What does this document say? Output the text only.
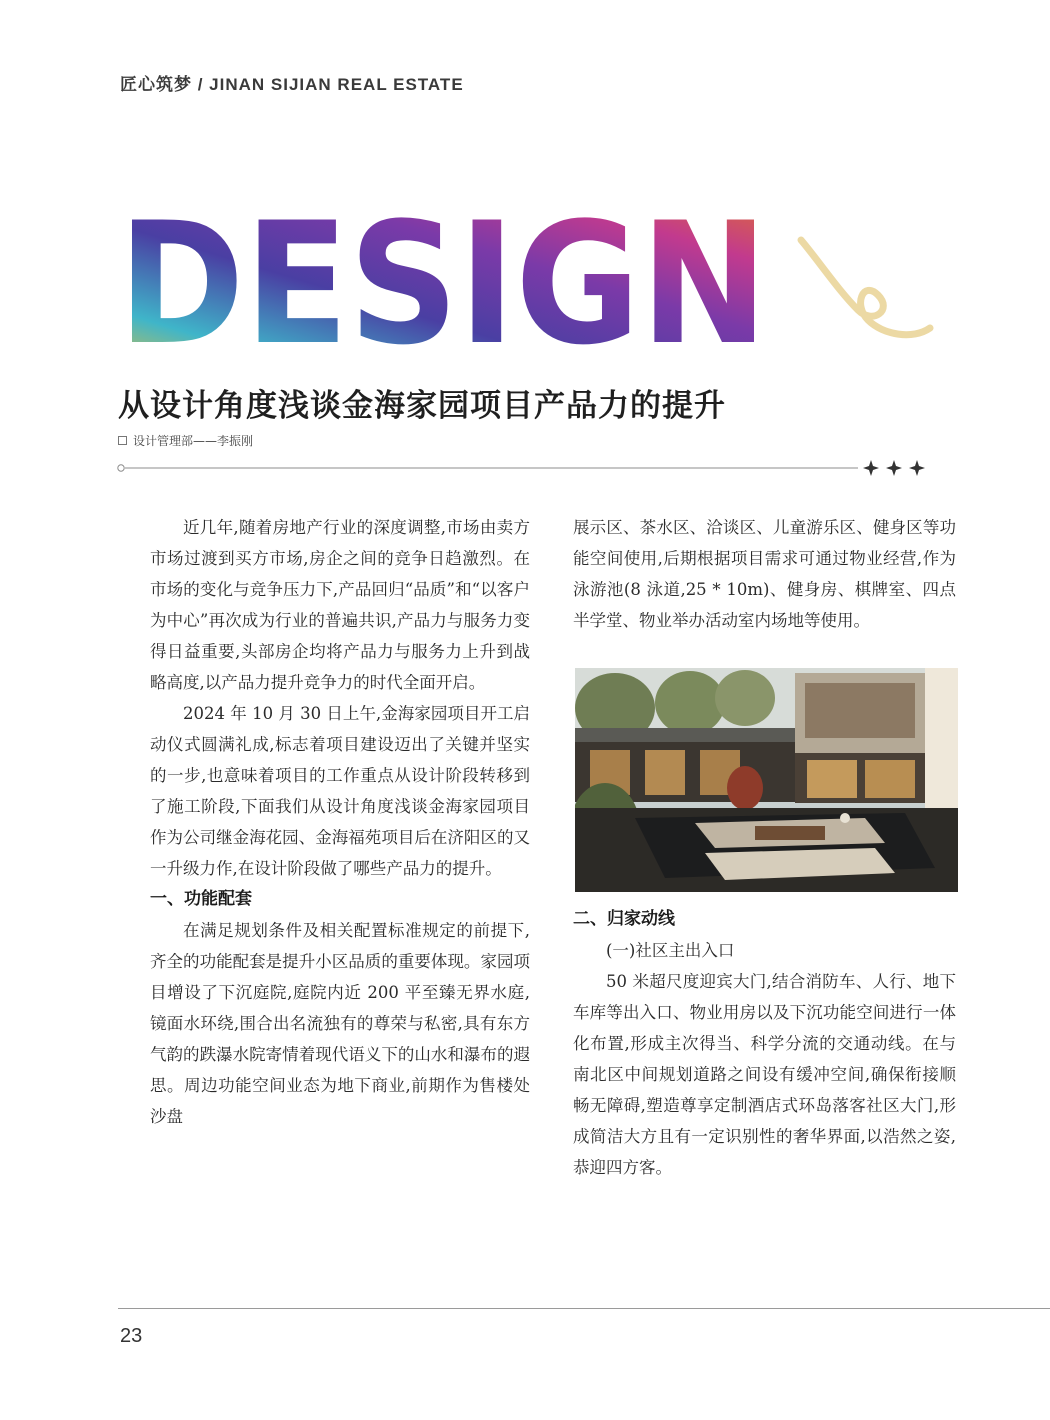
匠心筑梦 / JINAN SIJIAN REAL ESTATE
DESIGN
从设计角度浅谈金海家园项目产品力的提升
设计管理部——李振刚

近几年,随着房地产行业的深度调整,市场由卖方市场过渡到买方市场,房企之间的竞争日趋激烈。在市场的变化与竞争压力下,产品回归“品质”和“以客户为中心”再次成为行业的普遍共识,产品力与服务力变得日益重要,头部房企均将产品力与服务力上升到战略高度,以产品力提升竞争力的时代全面开启。

2024 年 10 月 30 日上午,金海家园项目开工启动仪式圆满礼成,标志着项目建设迈出了关键并坚实的一步,也意味着项目的工作重点从设计阶段转移到了施工阶段,下面我们从设计角度浅谈金海家园项目作为公司继金海花园、金海福苑项目后在济阳区的又一升级力作,在设计阶段做了哪些产品力的提升。

一、功能配套

在满足规划条件及相关配置标准规定的前提下,齐全的功能配套是提升小区品质的重要体现。家园项目增设了下沉庭院,庭院内近 200 平至臻无界水庭,镜面水环绕,围合出名流独有的尊荣与私密,具有东方气韵的跌瀑水院寄情着现代语义下的山水和瀑布的遐思。周边功能空间业态为地下商业,前期作为售楼处沙盘

展示区、茶水区、洽谈区、儿童游乐区、健身区等功能空间使用,后期根据项目需求可通过物业经营,作为泳游池(8 泳道,25 * 10m)、健身房、棋牌室、四点半学堂、物业举办活动室内场地等使用。

二、归家动线

(一)社区主出入口

50 米超尺度迎宾大门,结合消防车、人行、地下车库等出入口、物业用房以及下沉功能空间进行一体化布置,形成主次得当、科学分流的交通动线。在与南北区中间规划道路之间设有缓冲空间,确保衔接顺畅无障碍,塑造尊享定制酒店式环岛落客社区大门,形成简洁大方且有一定识别性的奢华界面,以浩然之姿,恭迎四方客。

23
